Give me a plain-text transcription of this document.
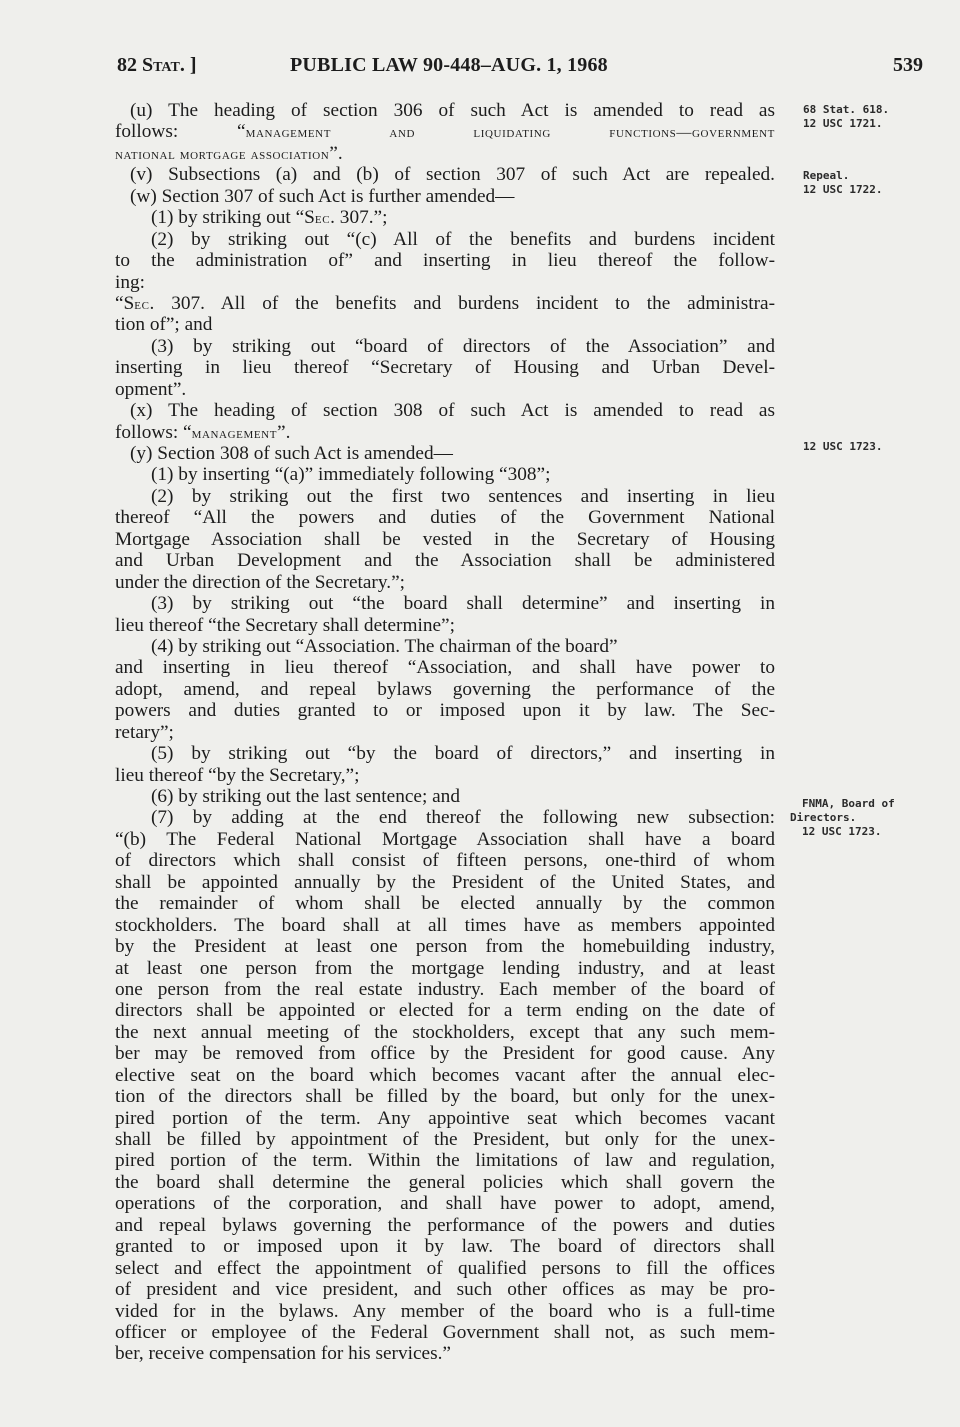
82 Stat. ]	PUBLIC LAW 90-448–AUG. 1, 1968	539
(u) The heading of section 306 of such Act is amended to read as
follows: “management and liquidating functions—government
national mortgage association”.
(v) Subsections (a) and (b) of section 307 of such Act are repealed.
(w) Section 307 of such Act is further amended—
(1) by striking out “Sec. 307.”;
(2) by striking out “(c) All of the benefits and burdens incident
to the administration of” and inserting in lieu thereof the follow-
ing:
“Sec. 307. All of the benefits and burdens incident to the administra-
tion of”; and
(3) by striking out “board of directors of the Association” and
inserting in lieu thereof “Secretary of Housing and Urban Devel-
opment”.
(x) The heading of section 308 of such Act is amended to read as
follows: “management”.
(y) Section 308 of such Act is amended—
(1) by inserting “(a)” immediately following “308”;
(2) by striking out the first two sentences and inserting in lieu
thereof “All the powers and duties of the Government National
Mortgage Association shall be vested in the Secretary of Housing
and Urban Development and the Association shall be administered
under the direction of the Secretary.”;
(3) by striking out “the board shall determine” and inserting in
lieu thereof “the Secretary shall determine”;
(4) by striking out “Association. The chairman of the board”
and inserting in lieu thereof “Association, and shall have power to
adopt, amend, and repeal bylaws governing the performance of the
powers and duties granted to or imposed upon it by law. The Sec-
retary”;
(5) by striking out “by the board of directors,” and inserting in
lieu thereof “by the Secretary,”;
(6) by striking out the last sentence; and
(7) by adding at the end thereof the following new subsection:
“(b) The Federal National Mortgage Association shall have a board
of directors which shall consist of fifteen persons, one-third of whom
shall be appointed annually by the President of the United States, and
the remainder of whom shall be elected annually by the common
stockholders. The board shall at all times have as members appointed
by the President at least one person from the homebuilding industry,
at least one person from the mortgage lending industry, and at least
one person from the real estate industry. Each member of the board of
directors shall be appointed or elected for a term ending on the date of
the next annual meeting of the stockholders, except that any such mem-
ber may be removed from office by the President for good cause. Any
elective seat on the board which becomes vacant after the annual elec-
tion of the directors shall be filled by the board, but only for the unex-
pired portion of the term. Any appointive seat which becomes vacant
shall be filled by appointment of the President, but only for the unex-
pired portion of the term. Within the limitations of law and regulation,
the board shall determine the general policies which shall govern the
operations of the corporation, and shall have power to adopt, amend,
and repeal bylaws governing the performance of the powers and duties
granted to or imposed upon it by law. The board of directors shall
select and effect the appointment of qualified persons to fill the offices
of president and vice president, and such other offices as may be pro-
vided for in the bylaws. Any member of the board who is a full-time
officer or employee of the Federal Government shall not, as such mem-
ber, receive compensation for his services.”
68 Stat. 618.
12 USC 1721.
Repeal.
12 USC 1722.
12 USC 1723.
FNMA, Board of
Directors.
12 USC 1723.
